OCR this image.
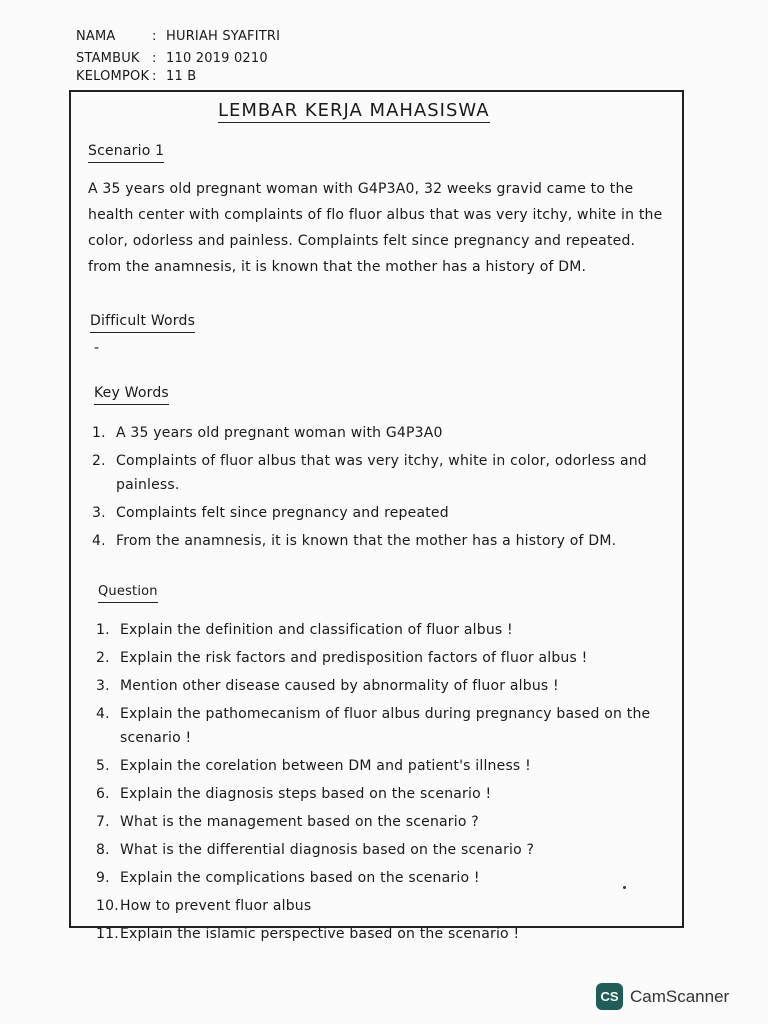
NAMA	: HURIAH SYAFITRI
STAMBUK : 110 2019 0210
KELOMPOK : 11 B
LEMBAR KERJA MAHASISWA
Scenario 1
A 35 years old pregnant woman with G4P3A0, 32 weeks gravid came to the health center with complaints of flo fluor albus that was very itchy, white in the color, odorless and painless. Complaints felt since pregnancy and repeated. from the anamnesis, it is known that the mother has a history of DM.
Difficult Words
-
Key Words
1. A 35 years old pregnant woman with G4P3A0
2. Complaints of fluor albus that was very itchy, white in color, odorless and painless.
3. Complaints felt since pregnancy and repeated
4. From the anamnesis, it is known that the mother has a history of DM.
Question
1. Explain the definition and classification of fluor albus !
2. Explain the risk factors and predisposition factors of fluor albus !
3. Mention other disease caused by abnormality of fluor albus !
4. Explain the pathomecanism of fluor albus during pregnancy based on the scenario !
5. Explain the corelation between DM and patient's illness !
6. Explain the diagnosis steps based on the scenario !
7. What is the management based on the scenario ?
8. What is the differential diagnosis based on the scenario ?
9. Explain the complications based on the scenario !
10. How to prevent fluor albus
11. Explain the islamic perspective based on the scenario !
CS CamScanner
